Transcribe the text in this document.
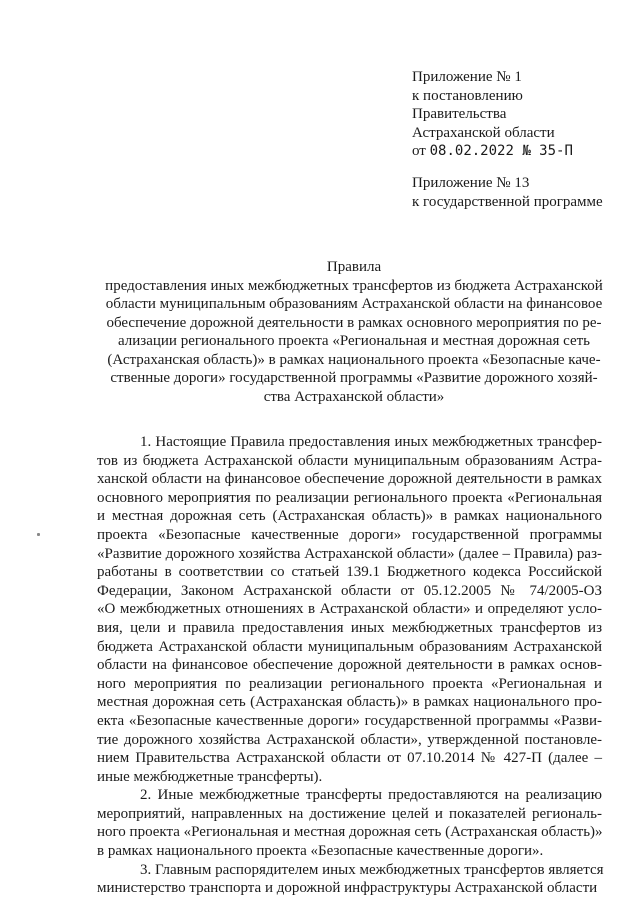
Приложение № 1
к постановлению
Правительства
Астраханской области
от 08.02.2022 № 35-П
Приложение № 13
к государственной программе
Правила
предоставления иных межбюджетных трансфертов из бюджета Астраханской
области муниципальным образованиям Астраханской области на финансовое
обеспечение дорожной деятельности в рамках основного мероприятия по ре-
ализации регионального проекта «Региональная и местная дорожная сеть
(Астраханская область)» в рамках национального проекта «Безопасные каче-
ственные дороги» государственной программы «Развитие дорожного хозяй-
ства Астраханской области»
1. Настоящие Правила предоставления иных межбюджетных трансфер-
тов из бюджета Астраханской области муниципальным образованиям Астра-
ханской области на финансовое обеспечение дорожной деятельности в рамках
основного мероприятия по реализации регионального проекта «Региональная
и местная дорожная сеть (Астраханская область)» в рамках национального
проекта «Безопасные качественные дороги» государственной программы
«Развитие дорожного хозяйства Астраханской области» (далее – Правила) раз-
работаны в соответствии со статьей 139.1 Бюджетного кодекса Российской
Федерации, Законом Астраханской области от 05.12.2005 № 74/2005-ОЗ
«О межбюджетных отношениях в Астраханской области» и определяют усло-
вия, цели и правила предоставления иных межбюджетных трансфертов из
бюджета Астраханской области муниципальным образованиям Астраханской
области на финансовое обеспечение дорожной деятельности в рамках основ-
ного мероприятия по реализации регионального проекта «Региональная и
местная дорожная сеть (Астраханская область)» в рамках национального про-
екта «Безопасные качественные дороги» государственной программы «Разви-
тие дорожного хозяйства Астраханской области», утвержденной постановле-
нием Правительства Астраханской области от 07.10.2014 № 427-П (далее –
иные межбюджетные трансферты).
2. Иные межбюджетные трансферты предоставляются на реализацию
мероприятий, направленных на достижение целей и показателей региональ-
ного проекта «Региональная и местная дорожная сеть (Астраханская область)»
в рамках национального проекта «Безопасные качественные дороги».
3. Главным распорядителем иных межбюджетных трансфертов является
министерство транспорта и дорожной инфраструктуры Астраханской области
